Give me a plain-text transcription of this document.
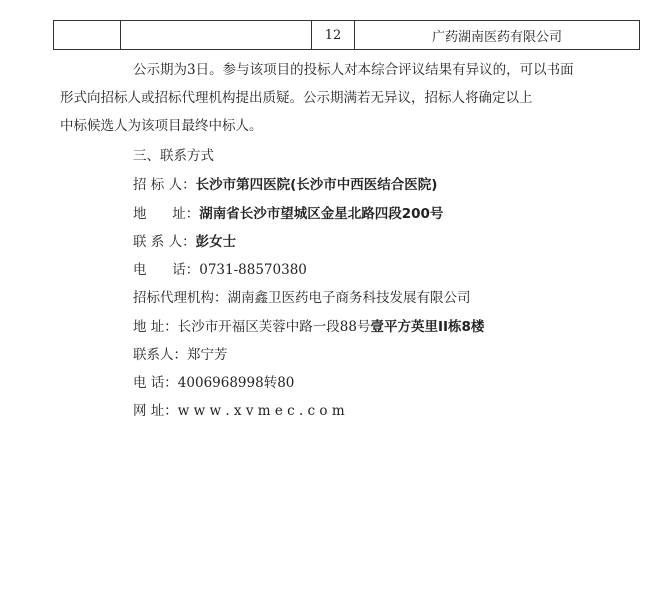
		12	广药湖南医药有限公司
公示期为3日。参与该项目的投标人对本综合评议结果有异议的，可以书面
形式向招标人或招标代理机构提出质疑。公示期满若无异议，招标人将确定以上
中标候选人为该项目最终中标人。
三、联系方式
招 标 人：长沙市第四医院(长沙市中西医结合医院)
地      址：湖南省长沙市望城区金星北路四段200号
联 系 人：彭女士
电      话：0731-88570380
招标代理机构：湖南鑫卫医药电子商务科技发展有限公司
地 址：长沙市开福区芙蓉中路一段88号壹平方英里II栋8楼
联系人：郑宁芳
电 话：4006968998转80
网 址：w w w . x v m e c . c o m
